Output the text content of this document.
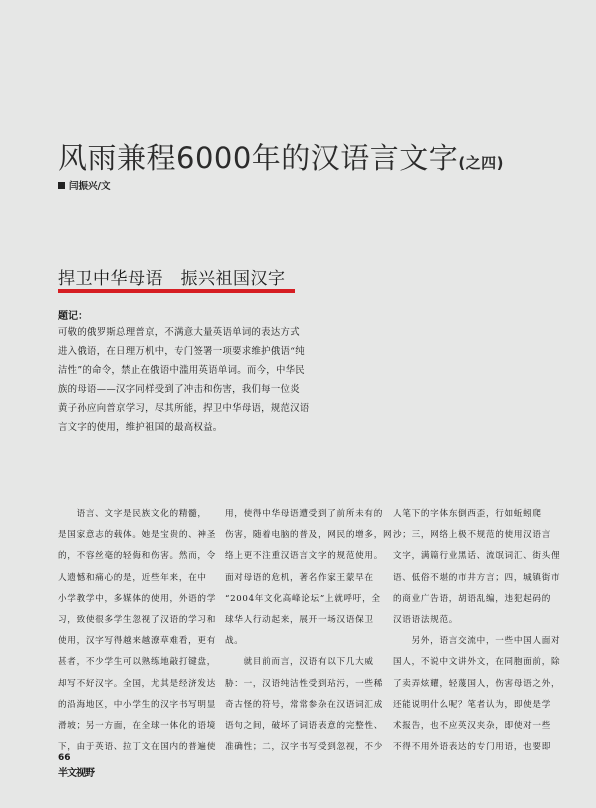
风雨兼程6000年的汉语言文字(之四)
闫振兴/文
捍卫中华母语　振兴祖国汉字
题记：
可敬的俄罗斯总理普京，不满意大量英语单词的表达方式
进入俄语，在日理万机中，专门签署一项要求维护俄语“纯
洁性”的命令，禁止在俄语中滥用英语单词。而今，中华民
族的母语——汉字同样受到了冲击和伤害，我们每一位炎
黄子孙应向普京学习，尽其所能，捍卫中华母语，规范汉语
言文字的使用，维护祖国的最高权益。
　　语言、文字是民族文化的精髓，
是国家意志的载体。她是宝贵的、神圣
的，不容丝毫的轻侮和伤害。然而，令
人遗憾和痛心的是，近些年来，在中
小学教学中，多媒体的使用，外语的学
习，致使很多学生忽视了汉语的学习和
使用，汉字写得越来越潦草难看，更有
甚者，不少学生可以熟练地敲打键盘，
却写不好汉字。全国，尤其是经济发达
的沿海地区，中小学生的汉字书写明显
滑坡；另一方面，在全球一体化的语境
下，由于英语、拉丁文在国内的普遍使
用，使得中华母语遭受到了前所未有的
伤害，随着电脑的普及，网民的增多，网
络上更不注重汉语言文字的规范使用。
面对母语的危机，著名作家王蒙早在
“2004年文化高峰论坛”上就呼吁，全
球华人行动起来，展开一场汉语保卫
战。
　　就目前而言，汉语有以下几大威
胁：一，汉语纯洁性受到玷污，一些稀
奇古怪的符号，常常参杂在汉语词汇成
语句之间，破坏了词语表意的完整性、
准确性；二，汉字书写受到忽视，不少
人笔下的字体东倒西歪，行如蚯蚓爬
沙；三，网络上极不规范的使用汉语言
文字，满篇行业黑话、流氓词汇、街头俚
语、低俗不堪的市井方言；四，城镇街市
的商业广告语，胡语乱编，违犯起码的
汉语语法规范。
　　另外，语言交流中，一些中国人面对
国人，不说中文讲外文，在同胞面前，除
了卖弄炫耀，轻蔑国人，伤害母语之外，
还能说明什么呢？笔者认为，即使是学
术报告，也不应英汉夹杂，即使对一些
不得不用外语表达的专门用语，也要即
66
半文视野
